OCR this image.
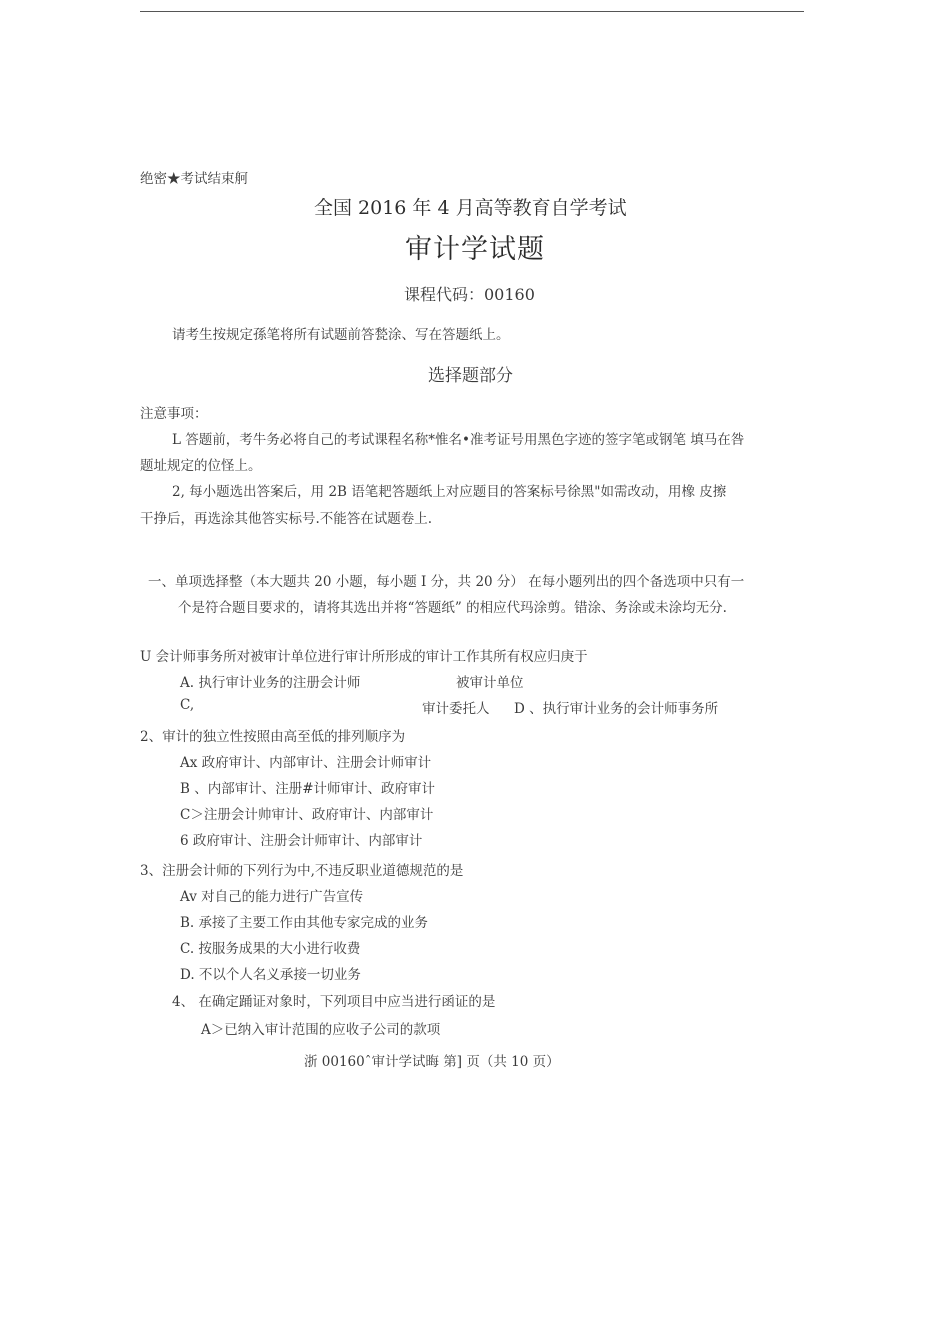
绝密★考试结束舸
全国 2016 年 4 月高等教育自学考试
审计学试题
课程代码：00160
请考生按规定孫笔将所有试题前答甃涂、写在答题纸上。
选择题部分
注意事项：
L 答题前，考牛务必将自己的考试课程名称*惟名•准考证号用黑色字迹的签字笔或钢笔 填马在咎
题址规定的位怪上。
2, 每小题选出答案后，用 2B 语笔耙答题纸上对应题目的答案标号徐黑"如需改动，用橡 皮擦
干挣后，再选涂其他答实标号.不能答在试题卷上.
一、单项选择整（本大题共 20 小题，每小题 I 分，共 20 分） 在每小题列出的四个备选项中只有一
个是符合题目要求的，请将其选出并将“答题纸” 的相应代玛涂剪。错涂、务涂或未涂均无分.
U 会计师事务所对被审计单位进行审计所形成的审计工作其所有权应归庚于
A. 执行审计业务的注册会计师	被审计单位
C,	审计委托人 D 、执行审计业务的会计师事务所
2、审计的独立性按照由高至低的排列顺序为
Ax 政府审计、内部审计、注册会计师审计
B 、内部审计、注册#计师审计、政府审计
C＞注册会计帅审计、政府审计、内部审计
6 政府审计、注册会计师审计、内部审计
3、注册会计师的下列行为中,不违反职业道德规范的是
Av 对自己的能力进行广告宣传
B. 承接了主要工作由其他专家完成的业务
C. 按服务成果的大小进行收费
D. 不以个人名义承接一切业务
4、 在确定踊证对象时，下列项目中应当进行函证的是
A＞已纳入审计范围的应收子公司的款项
浙 00160ˆ审计学试晦 第] 页（共 10 页）
